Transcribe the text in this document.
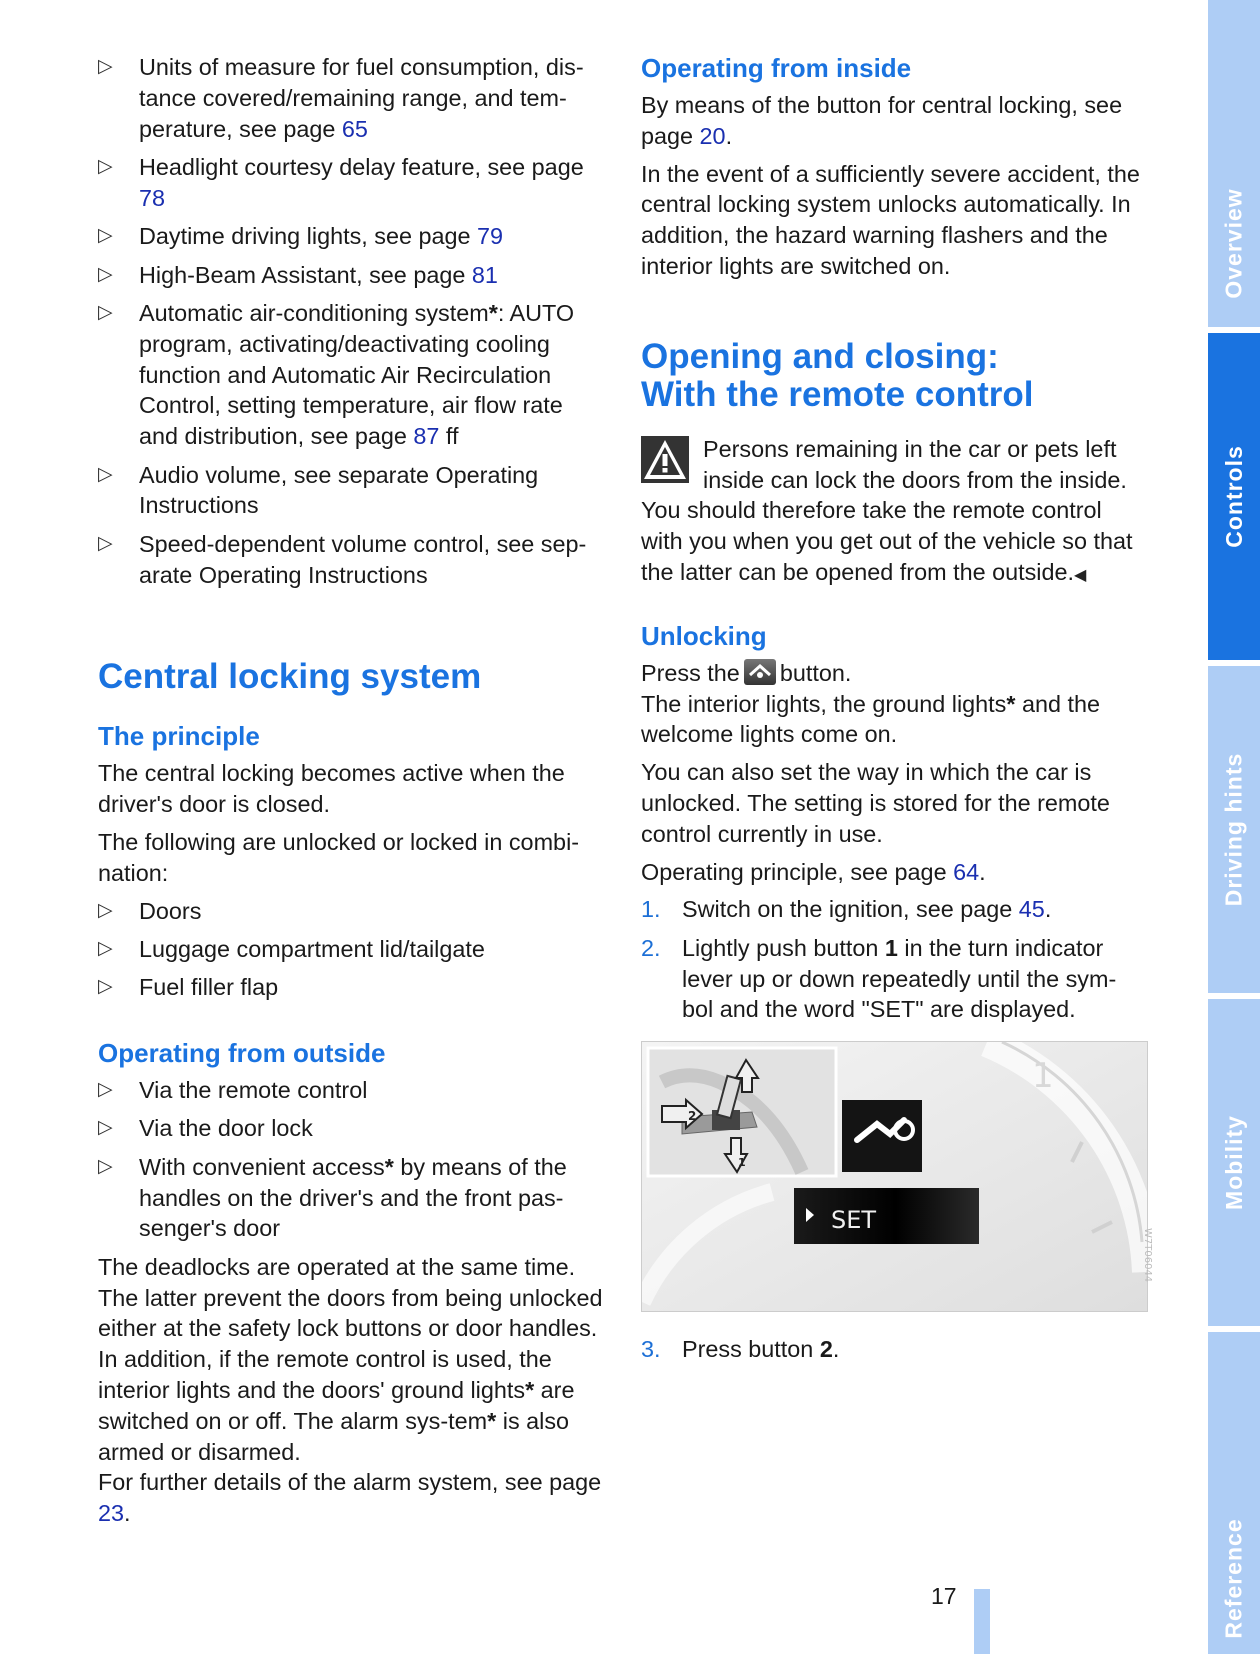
▷ Units of measure for fuel consumption, dis-tance covered/remaining range, and tem-perature, see page 65
▷ Headlight courtesy delay feature, see page 78
▷ Daytime driving lights, see page 79
▷ High-Beam Assistant, see page 81
▷ Automatic air-conditioning system*: AUTO program, activating/deactivating cooling function and Automatic Air Recirculation Control, setting temperature, air flow rate and distribution, see page 87 ff
▷ Audio volume, see separate Operating Instructions
▷ Speed-dependent volume control, see sep-arate Operating Instructions
Central locking system
The principle

The central locking becomes active when the driver's door is closed.

The following are unlocked or locked in combi-nation:

▷ Doors
▷ Luggage compartment lid/tailgate
▷ Fuel filler flap
Operating from outside
▷ Via the remote control
▷ Via the door lock
▷ With convenient access* by means of the handles on the driver's and the front pas-senger's door

The deadlocks are operated at the same time. The latter prevent the doors from being unlocked either at the safety lock buttons or door handles. In addition, if the remote control is used, the interior lights and the doors' ground lights* are switched on or off. The alarm sys-tem* is also armed or disarmed.

For further details of the alarm system, see page 23.

Operating from inside

By means of the button for central locking, see page 20.

In the event of a sufficiently severe accident, the central locking system unlocks automatically. In addition, the hazard warning flashers and the interior lights are switched on.

Opening and closing:
With the remote control

Persons remaining in the car or pets left inside can lock the doors from the inside. You should therefore take the remote control with you when you get out of the vehicle so that the latter can be opened from the outside.◀

Unlocking

Press the button.

The interior lights, the ground lights* and the welcome lights come on.

You can also set the way in which the car is unlocked. The setting is stored for the remote control currently in use.

Operating principle, see page 64.

1. Switch on the ignition, see page 45.
2. Lightly push button 1 in the turn indicator lever up or down repeatedly until the sym-bol and the word "SET" are displayed.
1
2
1
SET
3. Press button 2.
W7T06044
Overview
Controls
Driving hints
Mobility
Reference
17
